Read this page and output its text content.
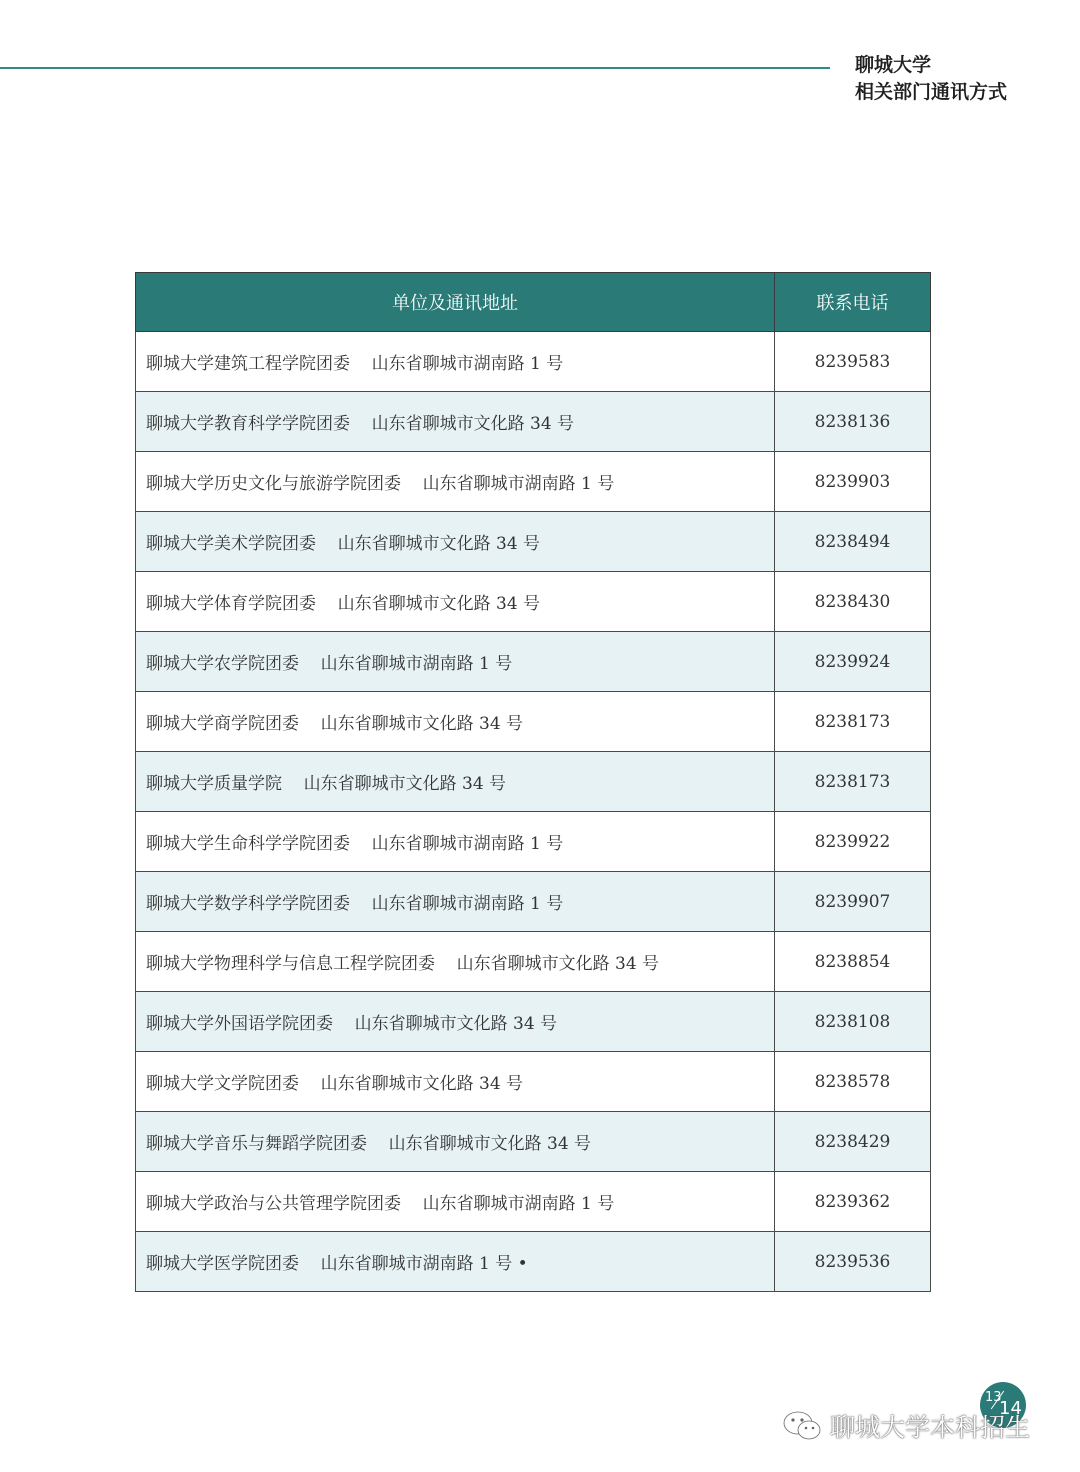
聊城大学
相关部门通讯方式
单位及通讯地址	联系电话
聊城大学建筑工程学院团委    山东省聊城市湖南路 1 号	8239583
聊城大学教育科学学院团委    山东省聊城市文化路 34 号	8238136
聊城大学历史文化与旅游学院团委    山东省聊城市湖南路 1 号	8239903
聊城大学美术学院团委    山东省聊城市文化路 34 号	8238494
聊城大学体育学院团委    山东省聊城市文化路 34 号	8238430
聊城大学农学院团委    山东省聊城市湖南路 1 号	8239924
聊城大学商学院团委    山东省聊城市文化路 34 号	8238173
聊城大学质量学院    山东省聊城市文化路 34 号	8238173
聊城大学生命科学学院团委    山东省聊城市湖南路 1 号	8239922
聊城大学数学科学学院团委    山东省聊城市湖南路 1 号	8239907
聊城大学物理科学与信息工程学院团委    山东省聊城市文化路 34 号	8238854
聊城大学外国语学院团委    山东省聊城市文化路 34 号	8238108
聊城大学文学院团委    山东省聊城市文化路 34 号	8238578
聊城大学音乐与舞蹈学院团委    山东省聊城市文化路 34 号	8238429
聊城大学政治与公共管理学院团委    山东省聊城市湖南路 1 号	8239362
聊城大学医学院团委    山东省聊城市湖南路 1 号 •	8239536
13
14
聊城大学本科招生
